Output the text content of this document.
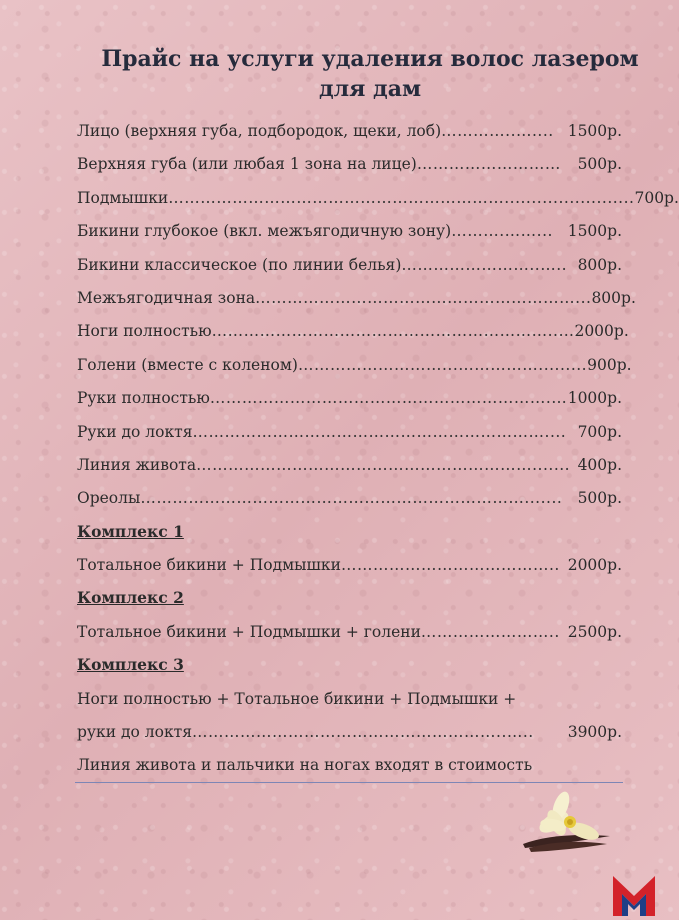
Прайс на услуги удаления волос лазером
для дам
Лицо (верхняя губа, подбородок, щеки, лоб) …………..….... 1500р.
Верхняя губа (или любая 1 зона на лице) ………………………	500р.
Подмышки ………………………………………………………........................ 700р.
Бикини глубокое (вкл. межъягодичную зону) ……….……... 1500р.
Бикини классическое (по линии белья) ……………………..….. 800р.
Межъягодичная зона ……………………………………………………... 800р.
Ноги полностью ………………………………………………………..… 2000р.
Голени (вместе с коленом) ………………………...……………......... 900р.
Руки полностью ……………………………………………………….… 1000р.
Руки до локтя ………………………………………………………….... 700р.
Линия живота ………………………………………………………....... 400р.
Ореолы ………………………………………………………………....... 500р.
Комплекс 1
Тотальное бикини + Подмышки ………………………………….. 2000р.
Комплекс 2
Тотальное бикини + Подмышки + голени …………………….. 2500р.
Комплекс 3
Ноги полностью + Тотальное бикини + Подмышки +
руки до локтя …………………………………………………..…..	3900р.
Линия живота и пальчики на ногах входят в стоимость
